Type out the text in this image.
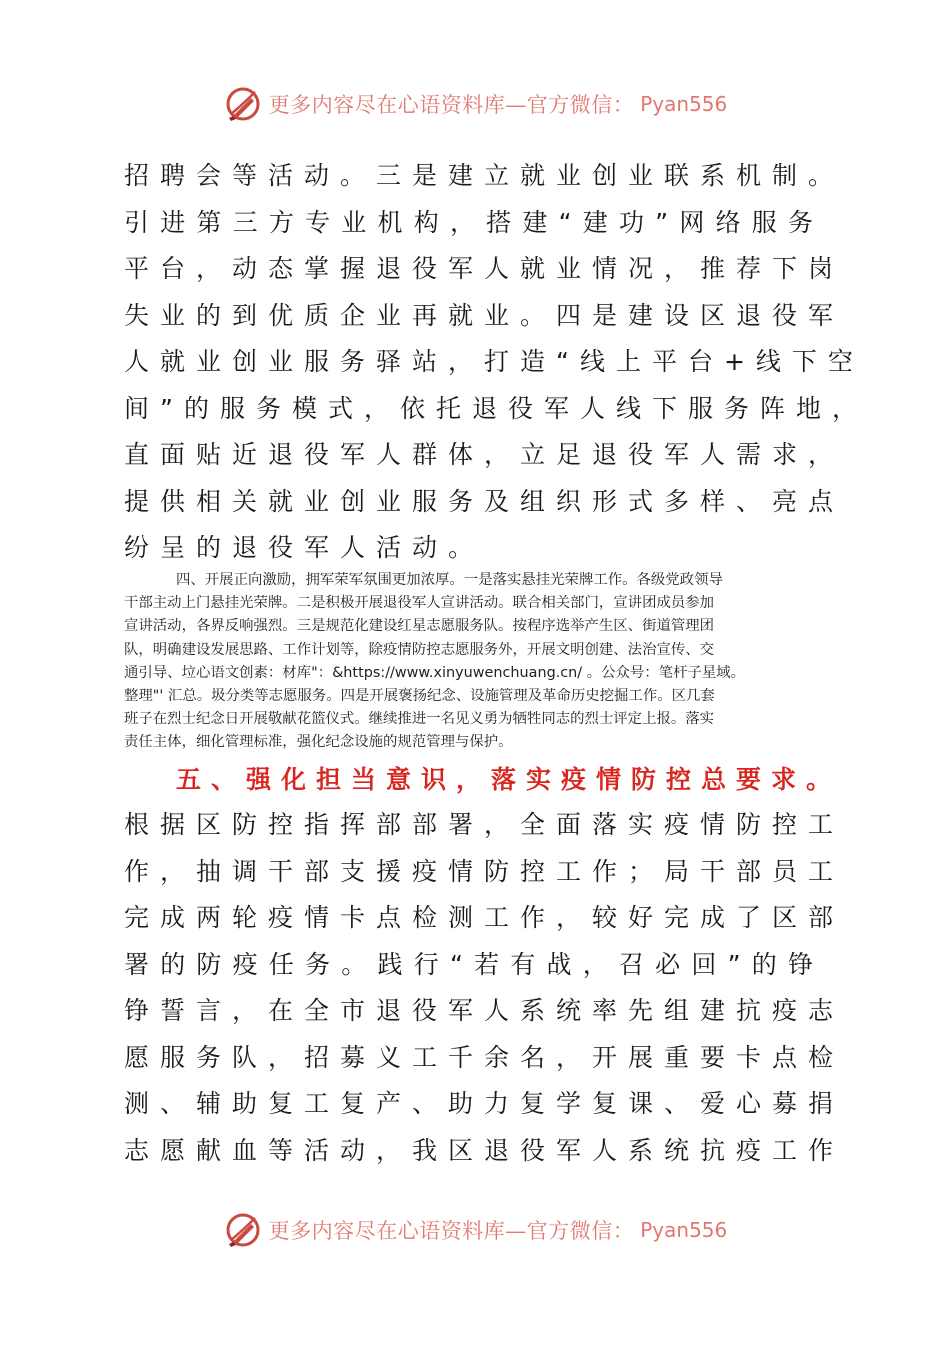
更多内容尽在心语资料库—官方微信： Pyan556
招聘会等活动。三是建立就业创业联系机制。
引进第三方专业机构，搭建“建功”网络服务
平台，动态掌握退役军人就业情况，推荐下岗
失业的到优质企业再就业。四是建设区退役军
人就业创业服务驿站，打造“线上平台+线下空
间”的服务模式，依托退役军人线下服务阵地，
直面贴近退役军人群体，立足退役军人需求，
提供相关就业创业服务及组织形式多样、亮点
纷呈的退役军人活动。
四、开展正向激励，拥军荣军氛围更加浓厚。一是落实悬挂光荣牌工作。各级党政领导
干部主动上门悬挂光荣牌。二是积极开展退役军人宣讲活动。联合相关部门，宣讲团成员参加
宣讲活动，各界反响强烈。三是规范化建设红星志愿服务队。按程序选举产生区、街道管理团
队，明确建设发展思路、工作计划等，除疫情防控志愿服务外，开展文明创建、法治宣传、交
通引导、垃心语文创素：材库"：&https://www.xinyuwenchuang.cn/ 。公众号：笔杆子星域。
整理"' 汇总。圾分类等志愿服务。四是开展褒扬纪念、设施管理及革命历史挖掘工作。区几套
班子在烈士纪念日开展敬献花篮仪式。继续推进一名见义勇为牺牲同志的烈士评定上报。落实
责任主体，细化管理标准，强化纪念设施的规范管理与保护。
五、强化担当意识，落实疫情防控总要求。
根据区防控指挥部部署，全面落实疫情防控工
作，抽调干部支援疫情防控工作；局干部员工
完成两轮疫情卡点检测工作，较好完成了区部
署的防疫任务。践行“若有战，召必回”的铮
铮誓言，在全市退役军人系统率先组建抗疫志
愿服务队，招募义工千余名，开展重要卡点检
测、辅助复工复产、助力复学复课、爱心募捐
志愿献血等活动，我区退役军人系统抗疫工作
更多内容尽在心语资料库—官方微信： Pyan556
